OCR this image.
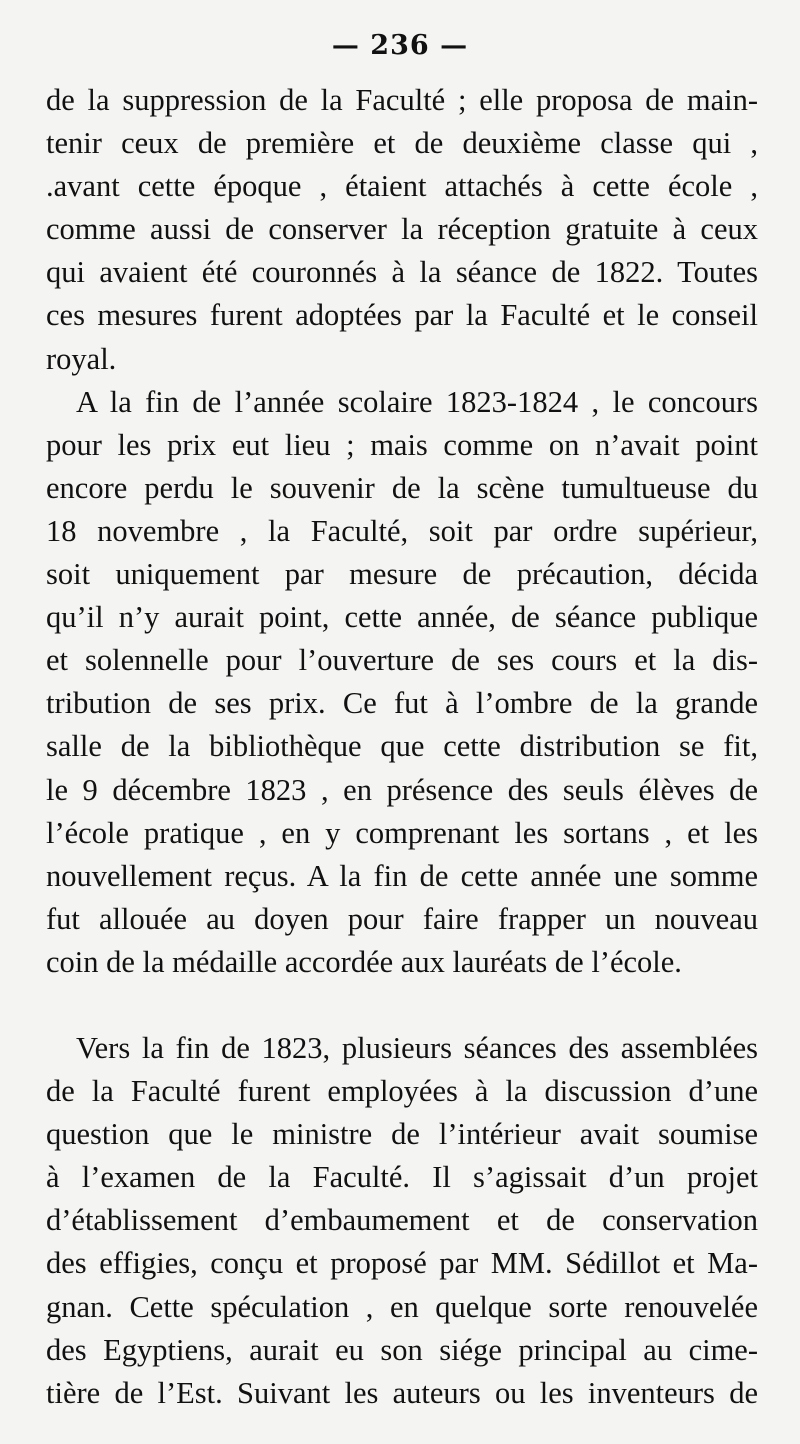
— 236 —
de la suppression de la Faculté ; elle proposa de main-
tenir ceux de première et de deuxième classe qui ,
.avant cette époque , étaient attachés à cette école ,
comme aussi de conserver la réception gratuite à ceux
qui avaient été couronnés à la séance de 1822. Toutes
ces mesures furent adoptées par la Faculté et le conseil
royal.
A la fin de l’année scolaire 1823-1824 , le concours
pour les prix eut lieu ; mais comme on n’avait point
encore perdu le souvenir de la scène tumultueuse du
18 novembre , la Faculté, soit par ordre supérieur,
soit uniquement par mesure de précaution, décida
qu’il n’y aurait point, cette année, de séance publique
et solennelle pour l’ouverture de ses cours et la dis-
tribution de ses prix. Ce fut à l’ombre de la grande
salle de la bibliothèque que cette distribution se fit,
le 9 décembre 1823 , en présence des seuls élèves de
l’école pratique , en y comprenant les sortans , et les
nouvellement reçus. A la fin de cette année une somme
fut allouée au doyen pour faire frapper un nouveau
coin de la médaille accordée aux lauréats de l’école.
Vers la fin de 1823, plusieurs séances des assemblées
de la Faculté furent employées à la discussion d’une
question que le ministre de l’intérieur avait soumise
à l’examen de la Faculté. Il s’agissait d’un projet
d’établissement d’embaumement et de conservation
des effigies, conçu et proposé par MM. Sédillot et Ma-
gnan. Cette spéculation , en quelque sorte renouvelée
des Egyptiens, aurait eu son siége principal au cime-
tière de l’Est. Suivant les auteurs ou les inventeurs de
